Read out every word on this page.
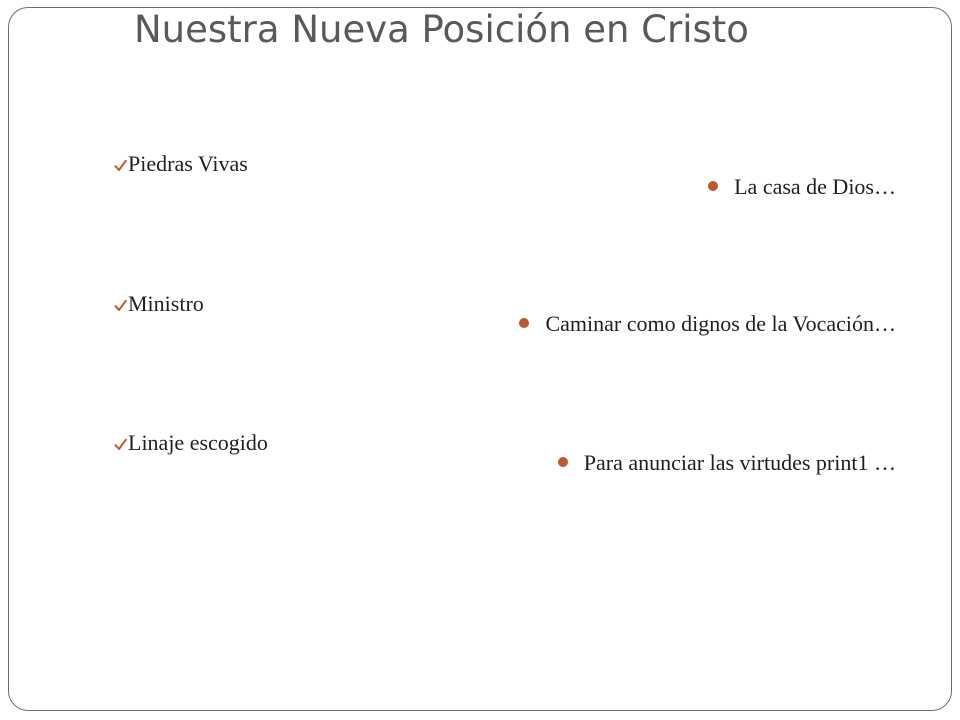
Nuestra Nueva Posición en Cristo
Piedras Vivas
Ministro
Linaje escogido
La casa de Dios…
Caminar como dignos de la Vocación…
Para anunciar las virtudes print1 …
